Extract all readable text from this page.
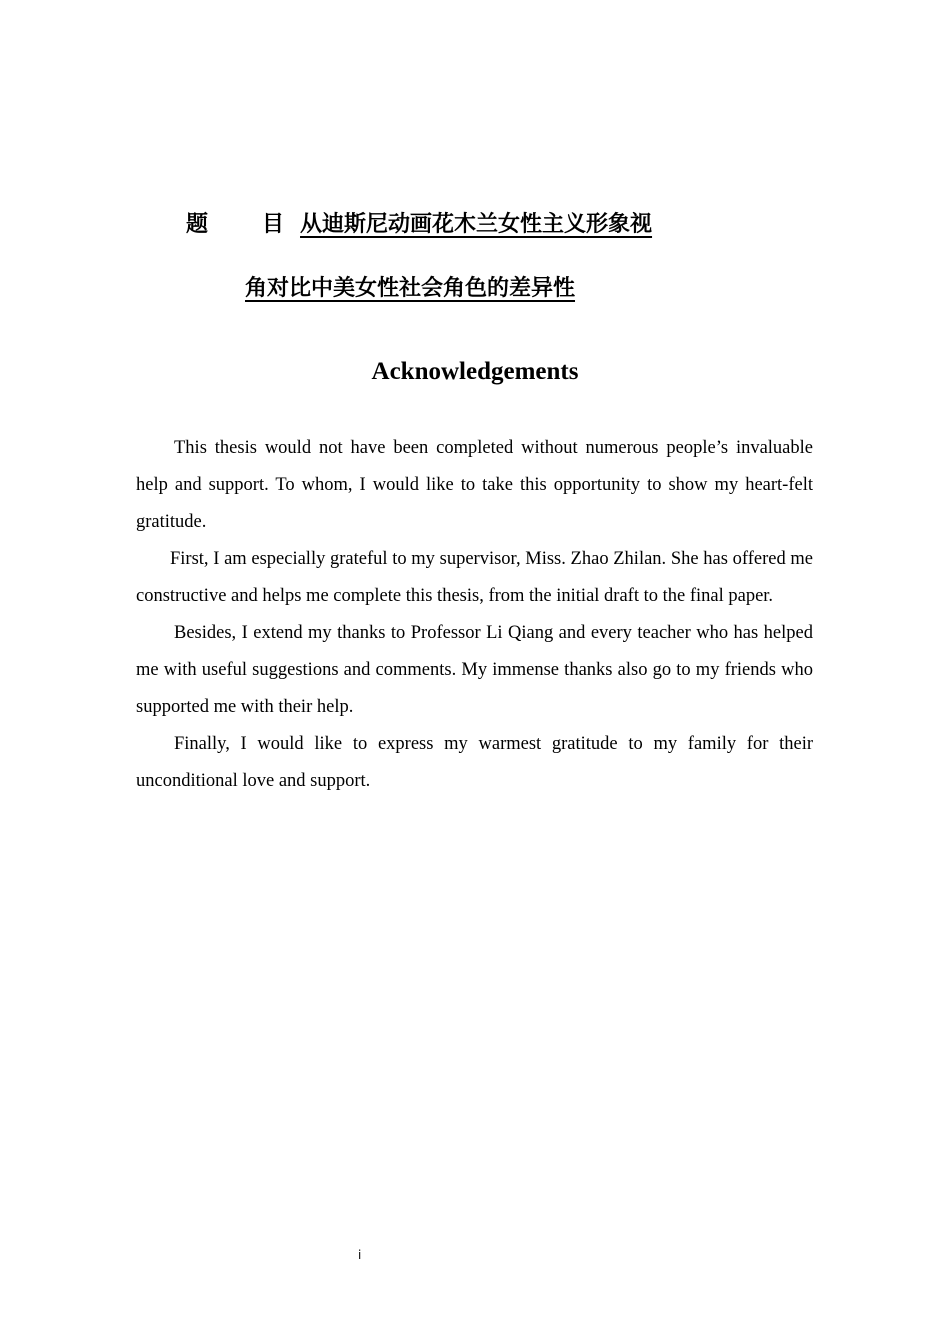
题 目 从迪斯尼动画花木兰女性主义形象视
角对比中美女性社会角色的差异性
Acknowledgements

This thesis would not have been completed without numerous people’s invaluable help and support. To whom, I would like to take this opportunity to show my heart-felt gratitude.

First, I am especially grateful to my supervisor, Miss. Zhao Zhilan. She has offered me constructive and helps me complete this thesis, from the initial draft to the final paper.

Besides, I extend my thanks to Professor Li Qiang and every teacher who has helped me with useful suggestions and comments. My immense thanks also go to my friends who supported me with their help.

Finally, I would like to express my warmest gratitude to my family for their unconditional love and support.

i
